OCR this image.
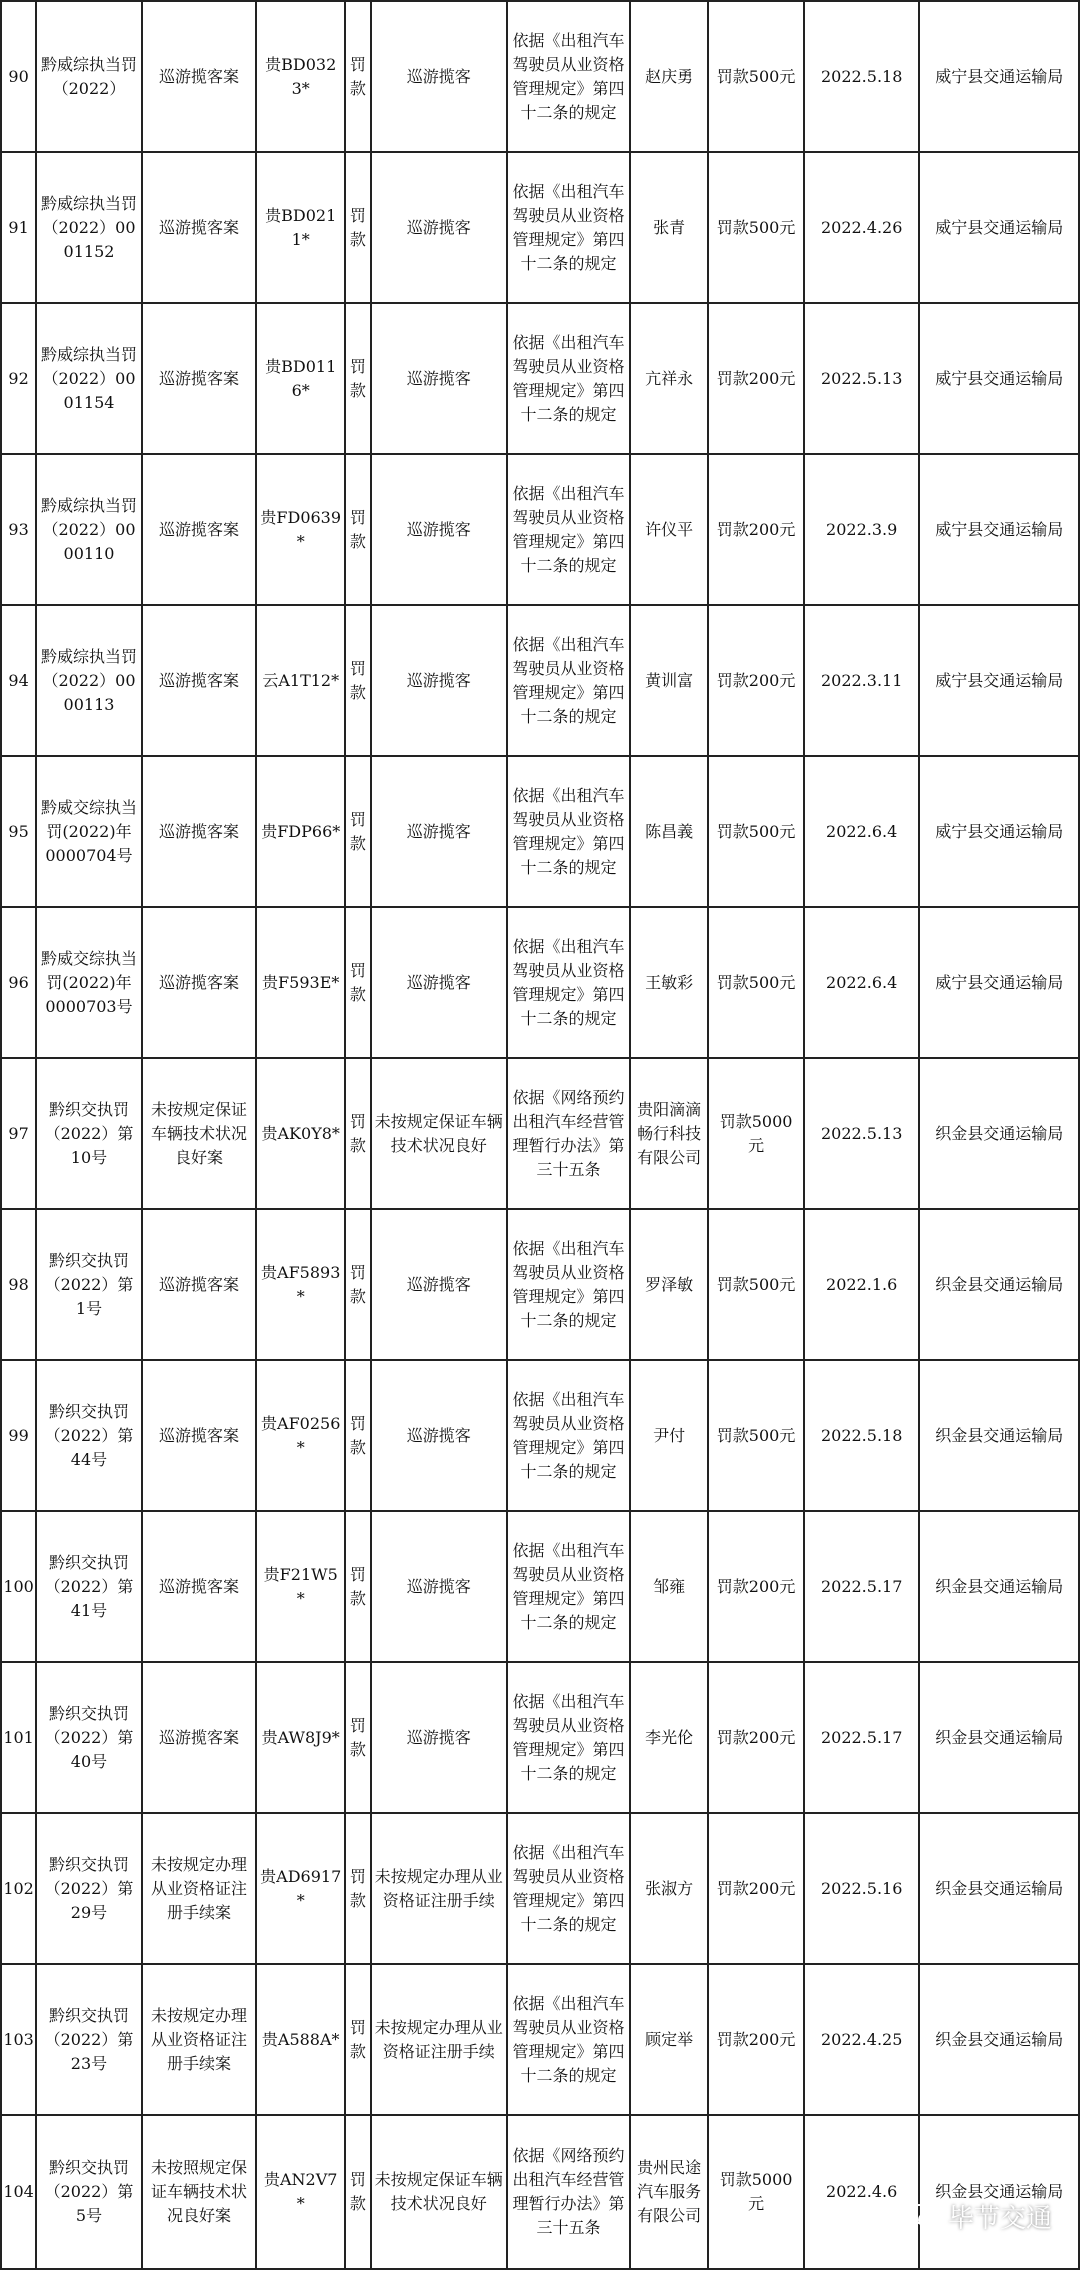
90	黔威综执当罚（2022）	巡游揽客案	贵BD0323*	罚款	巡游揽客	依据《出租汽车驾驶员从业资格管理规定》第四十二条的规定	赵庆勇	罚款500元	2022.5.18	威宁县交通运输局
91	黔威综执当罚（2022）0001152	巡游揽客案	贵BD0211*	罚款	巡游揽客	依据《出租汽车驾驶员从业资格管理规定》第四十二条的规定	张青	罚款500元	2022.4.26	威宁县交通运输局
92	黔威综执当罚（2022）0001154	巡游揽客案	贵BD0116*	罚款	巡游揽客	依据《出租汽车驾驶员从业资格管理规定》第四十二条的规定	亢祥永	罚款200元	2022.5.13	威宁县交通运输局
93	黔威综执当罚（2022）0000110	巡游揽客案	贵FD0639*	罚款	巡游揽客	依据《出租汽车驾驶员从业资格管理规定》第四十二条的规定	许仪平	罚款200元	2022.3.9	威宁县交通运输局
94	黔威综执当罚（2022）0000113	巡游揽客案	云A1T12*	罚款	巡游揽客	依据《出租汽车驾驶员从业资格管理规定》第四十二条的规定	黄训富	罚款200元	2022.3.11	威宁县交通运输局
95	黔威交综执当罚(2022)年 0000704号	巡游揽客案	贵FDP66*	罚款	巡游揽客	依据《出租汽车驾驶员从业资格管理规定》第四十二条的规定	陈昌義	罚款500元	2022.6.4	威宁县交通运输局
96	黔威交综执当罚(2022)年 0000703号	巡游揽客案	贵F593E*	罚款	巡游揽客	依据《出租汽车驾驶员从业资格管理规定》第四十二条的规定	王敏彩	罚款500元	2022.6.4	威宁县交通运输局
97	黔织交执罚（2022）第10号	未按规定保证车辆技术状况良好案	贵AK0Y8*	罚款	未按规定保证车辆技术状况良好	依据《网络预约出租汽车经营管理暂行办法》第三十五条	贵阳滴滴畅行科技有限公司	罚款5000元	2022.5.13	织金县交通运输局
98	黔织交执罚（2022）第1号	巡游揽客案	贵AF5893*	罚款	巡游揽客	依据《出租汽车驾驶员从业资格管理规定》第四十二条的规定	罗泽敏	罚款500元	2022.1.6	织金县交通运输局
99	黔织交执罚（2022）第44号	巡游揽客案	贵AF0256*	罚款	巡游揽客	依据《出租汽车驾驶员从业资格管理规定》第四十二条的规定	尹付	罚款500元	2022.5.18	织金县交通运输局
100	黔织交执罚（2022）第41号	巡游揽客案	贵F21W5*	罚款	巡游揽客	依据《出租汽车驾驶员从业资格管理规定》第四十二条的规定	邹雍	罚款200元	2022.5.17	织金县交通运输局
101	黔织交执罚（2022）第40号	巡游揽客案	贵AW8J9*	罚款	巡游揽客	依据《出租汽车驾驶员从业资格管理规定》第四十二条的规定	李光伦	罚款200元	2022.5.17	织金县交通运输局
102	黔织交执罚（2022）第29号	未按规定办理从业资格证注册手续案	贵AD6917*	罚款	未按规定办理从业资格证注册手续	依据《出租汽车驾驶员从业资格管理规定》第四十二条的规定	张淑方	罚款200元	2022.5.16	织金县交通运输局
103	黔织交执罚（2022）第23号	未按规定办理从业资格证注册手续案	贵A588A*	罚款	未按规定办理从业资格证注册手续	依据《出租汽车驾驶员从业资格管理规定》第四十二条的规定	顾定举	罚款200元	2022.4.25	织金县交通运输局
104	黔织交执罚（2022）第5号	未按照规定保证车辆技术状况良好案	贵AN2V7*	罚款	未按规定保证车辆技术状况良好	依据《网络预约出租汽车经营管理暂行办法》第三十五条	贵州民途汽车服务有限公司	罚款5000元	2022.4.6	织金县交通运输局
毕节交通
